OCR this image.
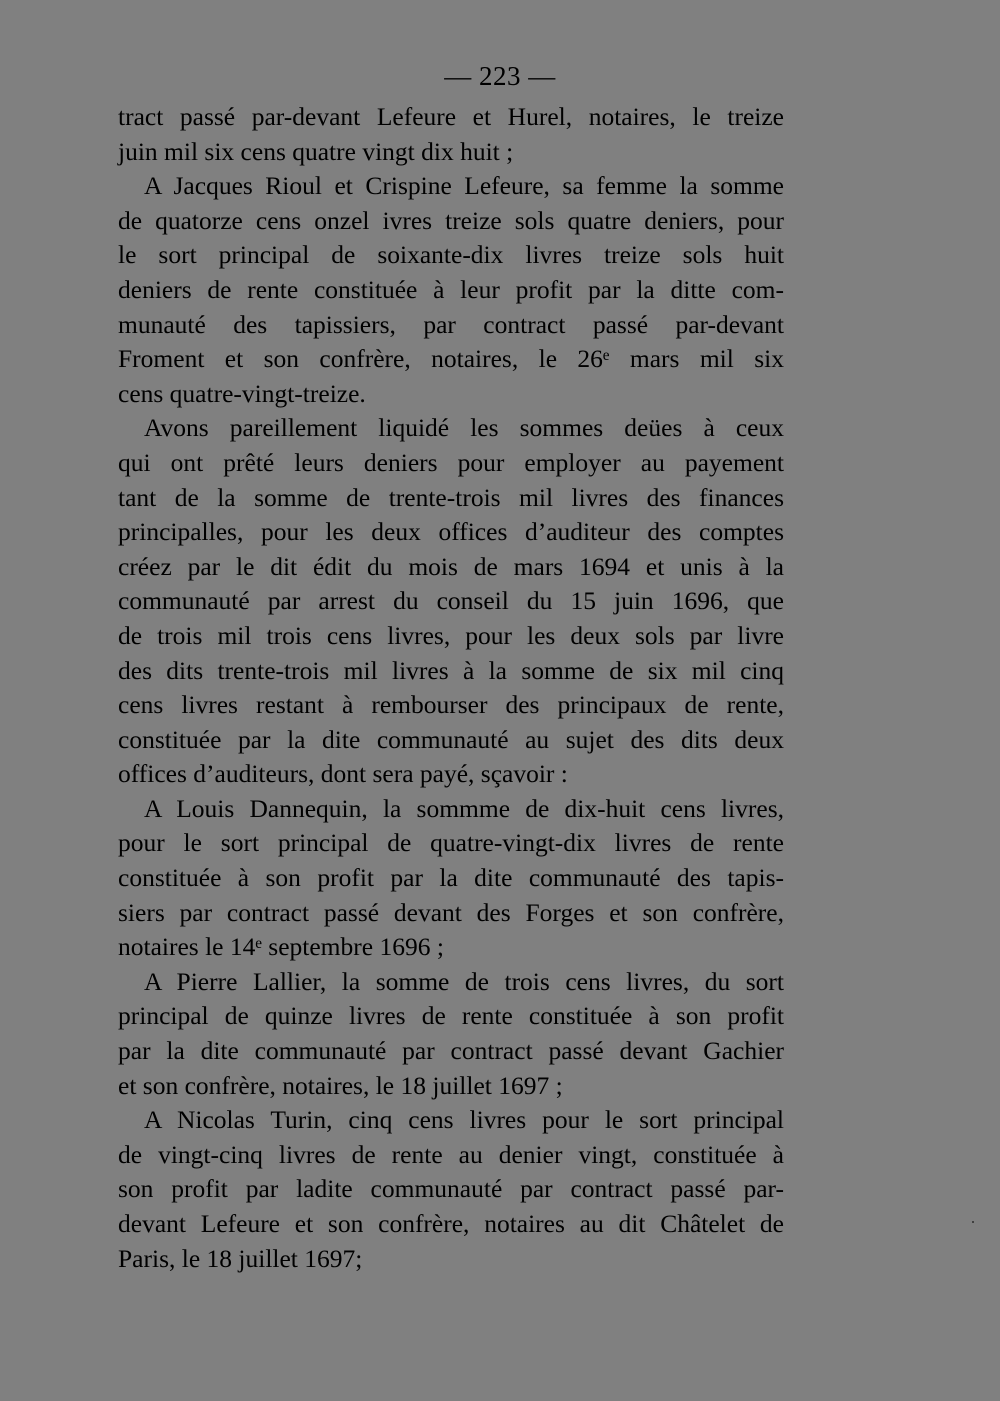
— 223 —
tract passé par-devant Lefeure et Hurel, notaires, le treize
juin mil six cens quatre vingt dix huit ;
A Jacques Rioul et Crispine Lefeure, sa femme la somme
de quatorze cens onzel ivres treize sols quatre deniers, pour
le sort principal de soixante-dix livres treize sols huit
deniers de rente constituée à leur profit par la ditte com-
munauté des tapissiers, par contract passé par-devant
Froment et son confrère, notaires, le 26ᵉ mars mil six
cens quatre-vingt-treize.
Avons pareillement liquidé les sommes deües à ceux
qui ont prêté leurs deniers pour employer au payement
tant de la somme de trente-trois mil livres des finances
principalles, pour les deux offices d’auditeur des comptes
créez par le dit édit du mois de mars 1694 et unis à la
communauté par arrest du conseil du 15 juin 1696, que
de trois mil trois cens livres, pour les deux sols par livre
des dits trente-trois mil livres à la somme de six mil cinq
cens livres restant à rembourser des principaux de rente,
constituée par la dite communauté au sujet des dits deux
offices d’auditeurs, dont sera payé, sçavoir :
A Louis Dannequin, la sommme de dix-huit cens livres,
pour le sort principal de quatre-vingt-dix livres de rente
constituée à son profit par la dite communauté des tapis-
siers par contract passé devant des Forges et son confrère,
notaires le 14ᵉ septembre 1696 ;
A Pierre Lallier, la somme de trois cens livres, du sort
principal de quinze livres de rente constituée à son profit
par la dite communauté par contract passé devant Gachier
et son confrère, notaires, le 18 juillet 1697 ;
A Nicolas Turin, cinq cens livres pour le sort principal
de vingt-cinq livres de rente au denier vingt, constituée à
son profit par ladite communauté par contract passé par-
devant Lefeure et son confrère, notaires au dit Châtelet de
Paris, le 18 juillet 1697;
